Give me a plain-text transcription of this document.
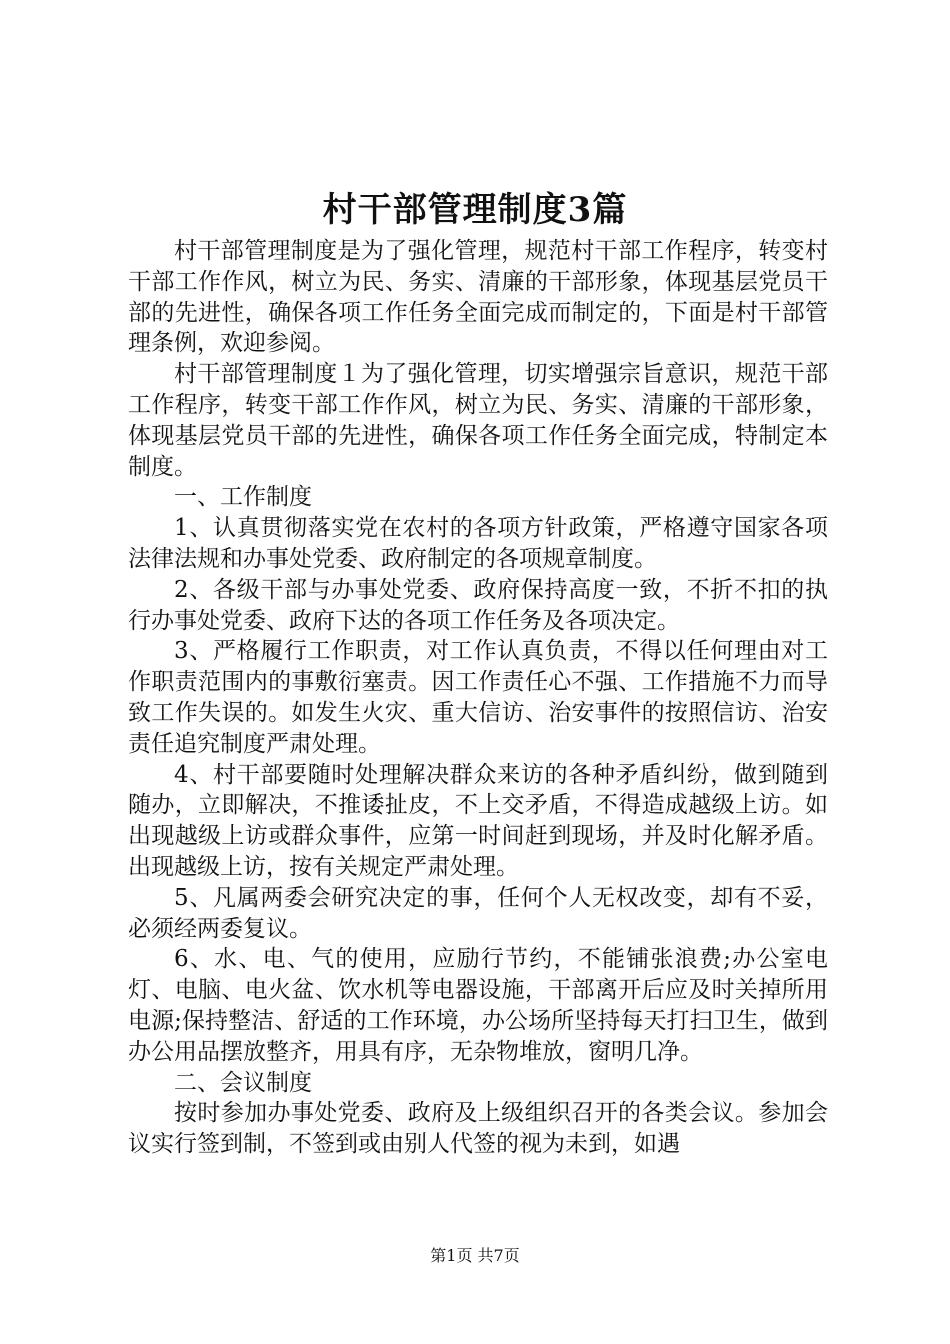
村干部管理制度3篇

村干部管理制度是为了强化管理，规范村干部工作程序，转变村干部工作作风，树立为民、务实、清廉的干部形象，体现基层党员干部的先进性，确保各项工作任务全面完成而制定的，下面是村干部管理条例，欢迎参阅。

村干部管理制度１为了强化管理，切实增强宗旨意识，规范干部工作程序，转变干部工作作风，树立为民、务实、清廉的干部形象，体现基层党员干部的先进性，确保各项工作任务全面完成，特制定本制度。

一、工作制度

1、认真贯彻落实党在农村的各项方针政策，严格遵守国家各项法律法规和办事处党委、政府制定的各项规章制度。

2、各级干部与办事处党委、政府保持高度一致，不折不扣的执行办事处党委、政府下达的各项工作任务及各项决定。

3、严格履行工作职责，对工作认真负责，不得以任何理由对工作职责范围内的事敷衍塞责。因工作责任心不强、工作措施不力而导致工作失误的。如发生火灾、重大信访、治安事件的按照信访、治安责任追究制度严肃处理。

4、村干部要随时处理解决群众来访的各种矛盾纠纷，做到随到随办，立即解决，不推诿扯皮，不上交矛盾，不得造成越级上访。如出现越级上访或群众事件，应第一时间赶到现场，并及时化解矛盾。出现越级上访，按有关规定严肃处理。

5、凡属两委会研究决定的事，任何个人无权改变，却有不妥，必须经两委复议。

6、水、电、气的使用，应励行节约，不能铺张浪费;办公室电灯、电脑、电火盆、饮水机等电器设施，干部离开后应及时关掉所用电源;保持整洁、舒适的工作环境，办公场所坚持每天打扫卫生，做到办公用品摆放整齐，用具有序，无杂物堆放，窗明几净。

二、会议制度

按时参加办事处党委、政府及上级组织召开的各类会议。参加会议实行签到制，不签到或由别人代签的视为未到，如遇

第1页 共7页
